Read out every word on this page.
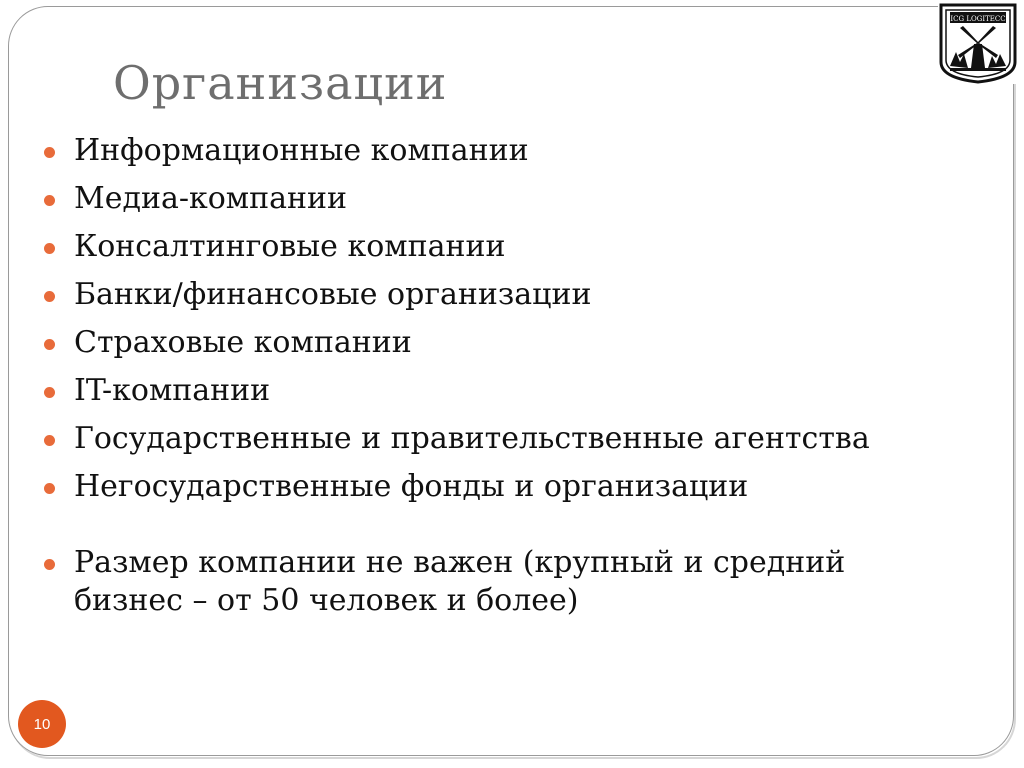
ICG LOGITECC
Организации
Информационные компании
Медиа-компании
Консалтинговые компании
Банки/финансовые организации
Страховые компании
IT-компании
Государственные и правительственные агентства
Негосударственные фонды и организации
Размер компании не важен (крупный и средний бизнес – от 50 человек и более)
10
